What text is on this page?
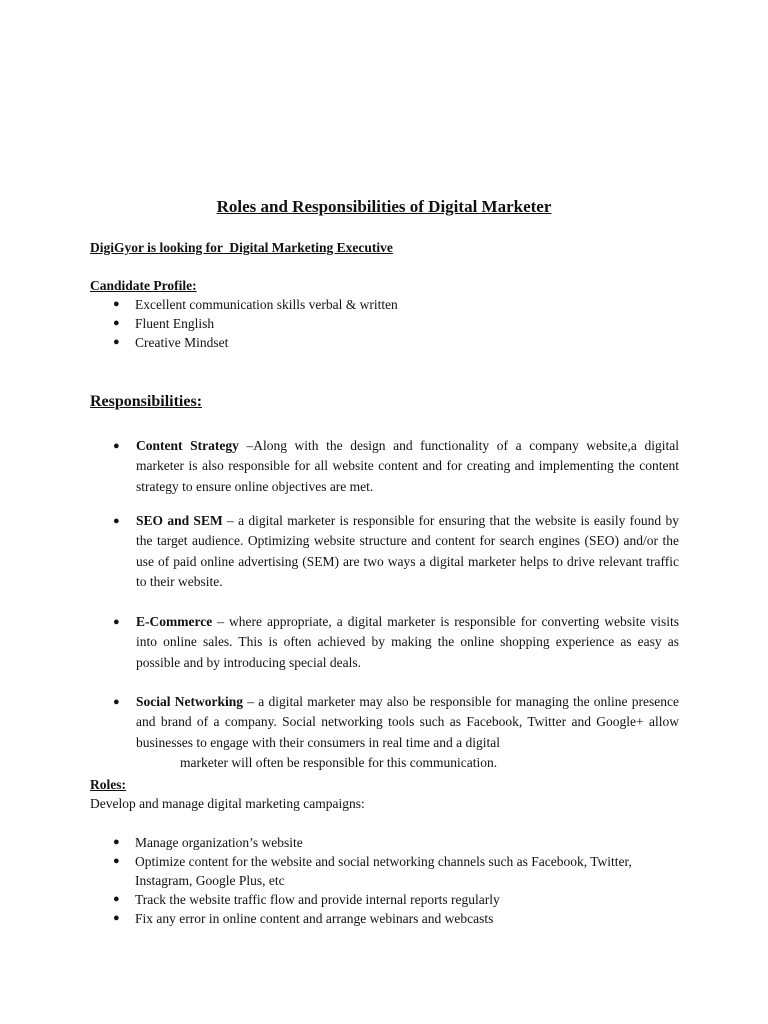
Roles and Responsibilities of Digital Marketer
DigiGyor is looking for  Digital Marketing Executive
Candidate Profile:
● Excellent communication skills verbal & written
● Fluent English
● Creative Mindset
Responsibilities:
● Content Strategy –Along with the design and functionality of a company website,a digital marketer is also responsible for all website content and for creating and implementing the content strategy to ensure online objectives are met.
● SEO and SEM – a digital marketer is responsible for ensuring that the website is easily found by the target audience. Optimizing website structure and content for search engines (SEO) and/or the use of paid online advertising (SEM) are two ways a digital marketer helps to drive relevant traffic to their website.
● E-Commerce – where appropriate, a digital marketer is responsible for converting website visits into online sales. This is often achieved by making the online shopping experience as easy as possible and by introducing special deals.
● Social Networking – a digital marketer may also be responsible for managing the online presence and brand of a company. Social networking tools such as Facebook, Twitter and Google+ allow businesses to engage with their consumers in real time and a digital
marketer will often be responsible for this communication.
Roles:
Develop and manage digital marketing campaigns:
● Manage organization’s website
● Optimize content for the website and social networking channels such as Facebook, Twitter, Instagram, Google Plus, etc
● Track the website traffic flow and provide internal reports regularly
● Fix any error in online content and arrange webinars and webcasts
